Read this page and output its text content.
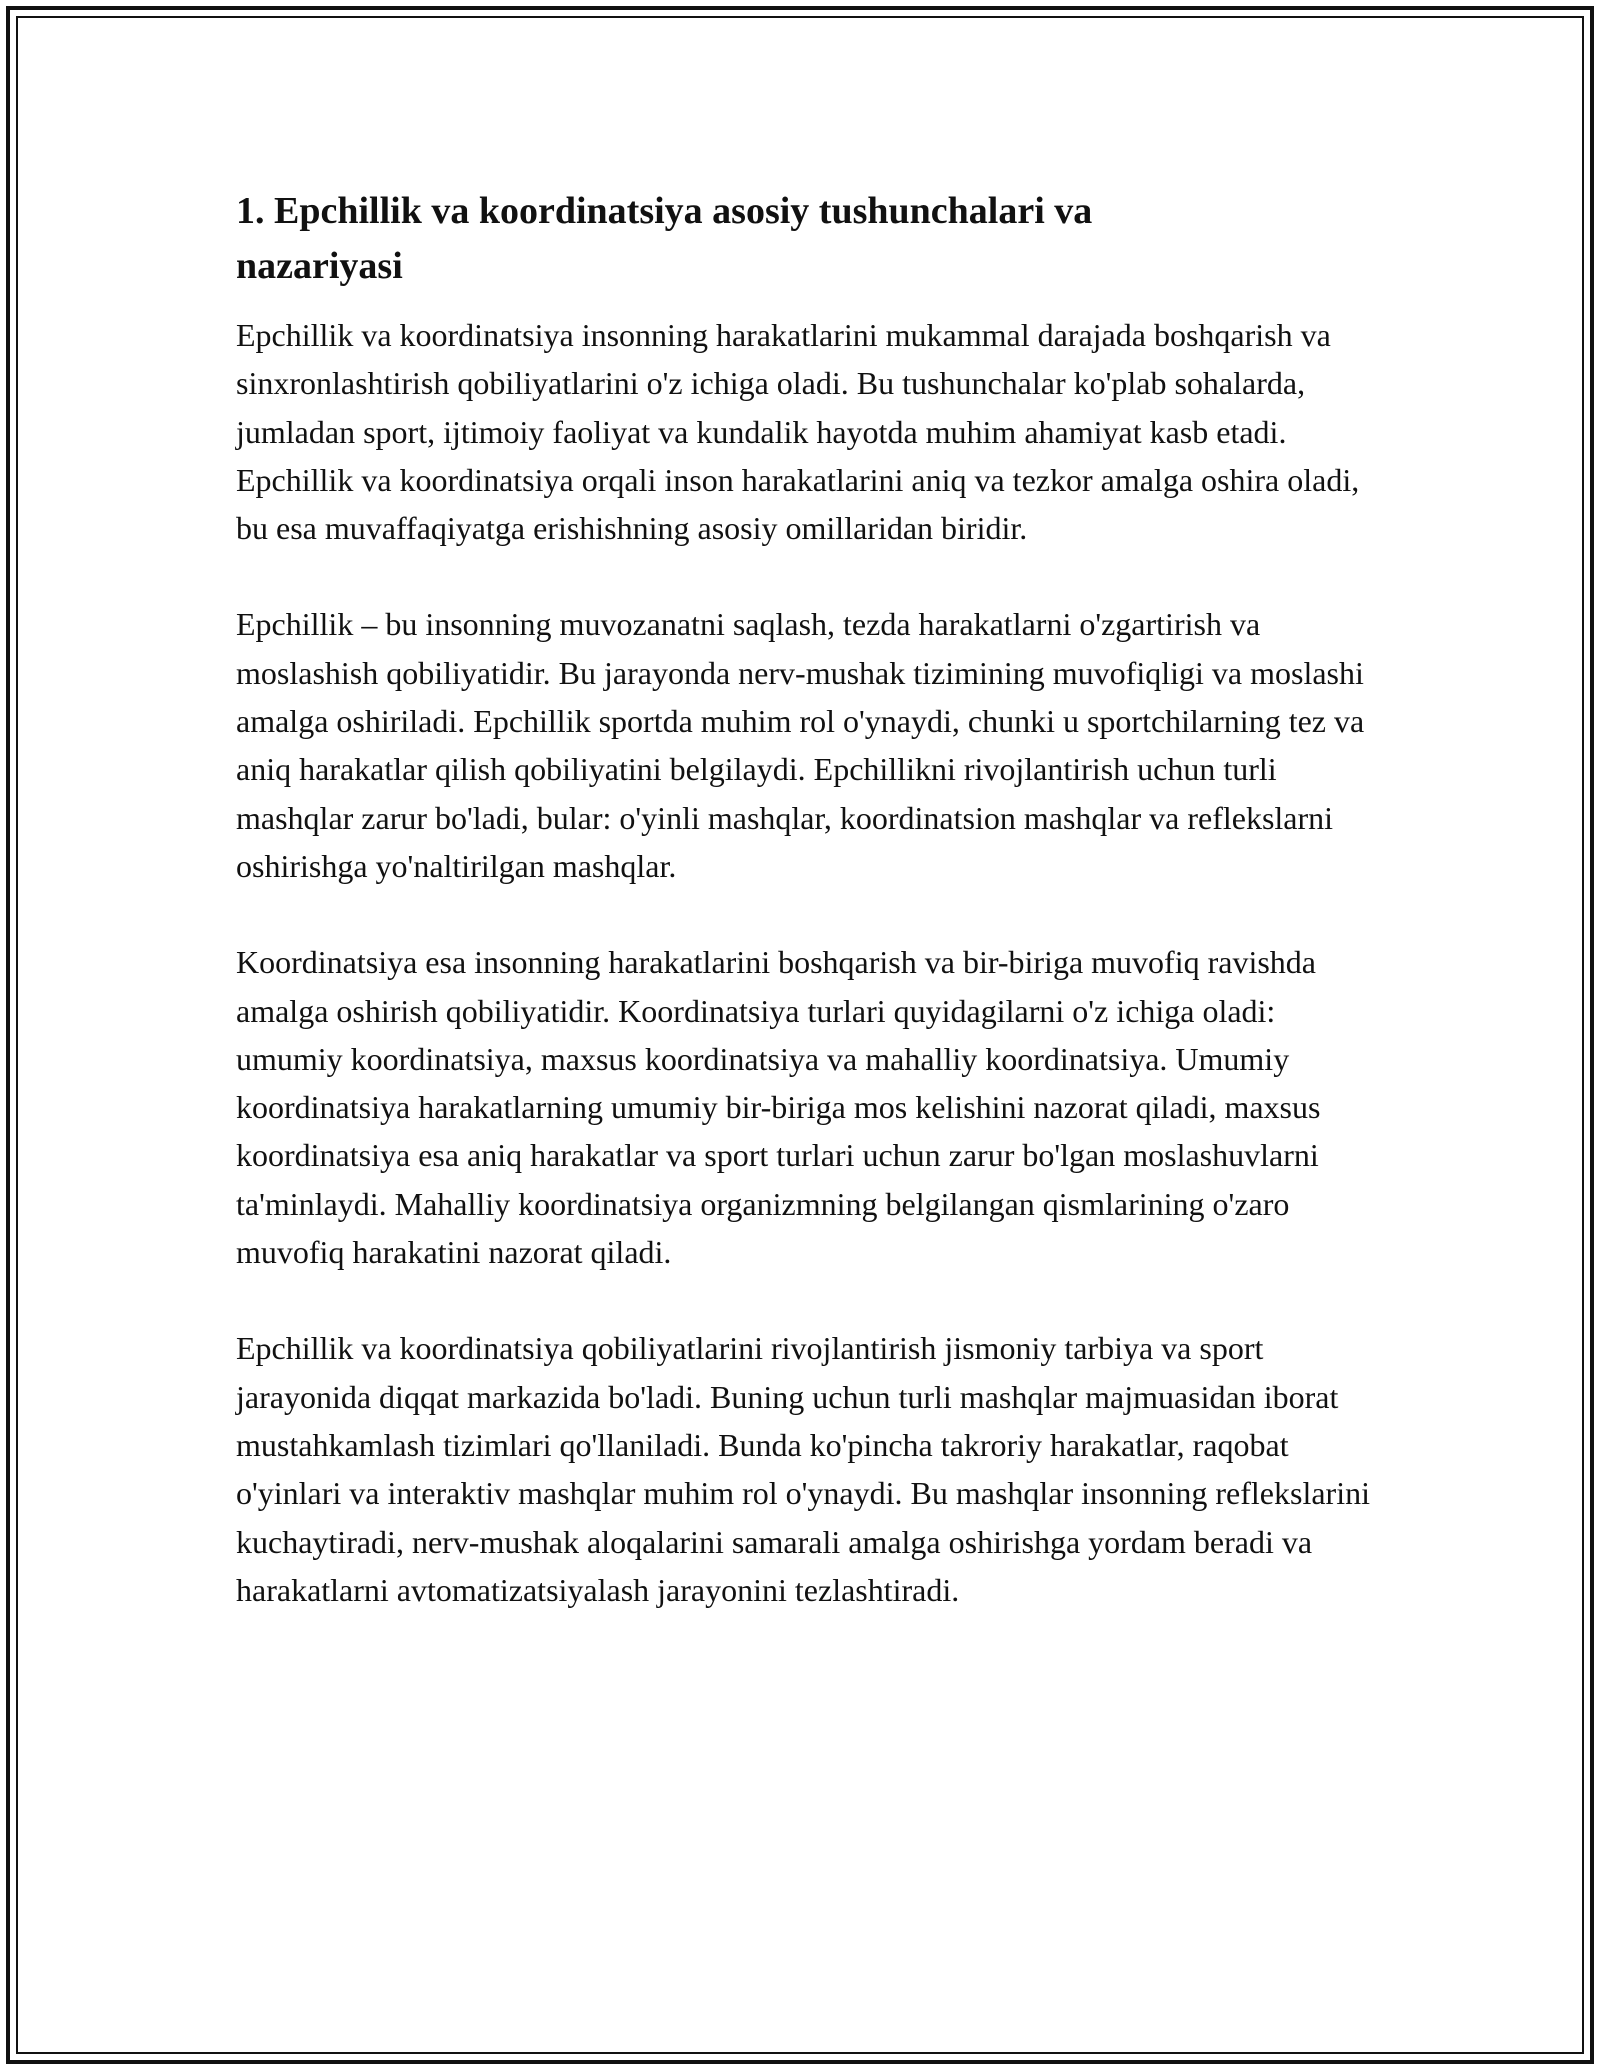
1. Epchillik va koordinatsiya asosiy tushunchalari va nazariyasi

Epchillik va koordinatsiya insonning harakatlarini mukammal darajada boshqarish va sinxronlashtirish qobiliyatlarini o'z ichiga oladi. Bu tushunchalar ko'plab sohalarda, jumladan sport, ijtimoiy faoliyat va kundalik hayotda muhim ahamiyat kasb etadi. Epchillik va koordinatsiya orqali inson harakatlarini aniq va tezkor amalga oshira oladi, bu esa muvaffaqiyatga erishishning asosiy omillaridan biridir.

Epchillik – bu insonning muvozanatni saqlash, tezda harakatlarni o'zgartirish va moslashish qobiliyatidir. Bu jarayonda nerv-mushak tizimining muvofiqligi va moslashi amalga oshiriladi. Epchillik sportda muhim rol o'ynaydi, chunki u sportchilarning tez va aniq harakatlar qilish qobiliyatini belgilaydi. Epchillikni rivojlantirish uchun turli mashqlar zarur bo'ladi, bular: o'yinli mashqlar, koordinatsion mashqlar va reflekslarni oshirishga yo'naltirilgan mashqlar.

Koordinatsiya esa insonning harakatlarini boshqarish va bir-biriga muvofiq ravishda amalga oshirish qobiliyatidir. Koordinatsiya turlari quyidagilarni o'z ichiga oladi: umumiy koordinatsiya, maxsus koordinatsiya va mahalliy koordinatsiya. Umumiy koordinatsiya harakatlarning umumiy bir-biriga mos kelishini nazorat qiladi, maxsus koordinatsiya esa aniq harakatlar va sport turlari uchun zarur bo'lgan moslashuvlarni ta'minlaydi. Mahalliy koordinatsiya organizmning belgilangan qismlarining o'zaro muvofiq harakatini nazorat qiladi.

Epchillik va koordinatsiya qobiliyatlarini rivojlantirish jismoniy tarbiya va sport jarayonida diqqat markazida bo'ladi. Buning uchun turli mashqlar majmuasidan iborat mustahkamlash tizimlari qo'llaniladi. Bunda ko'pincha takroriy harakatlar, raqobat o'yinlari va interaktiv mashqlar muhim rol o'ynaydi. Bu mashqlar insonning reflekslarini kuchaytiradi, nerv-mushak aloqalarini samarali amalga oshirishga yordam beradi va harakatlarni avtomatizatsiyalash jarayonini tezlashtiradi.
